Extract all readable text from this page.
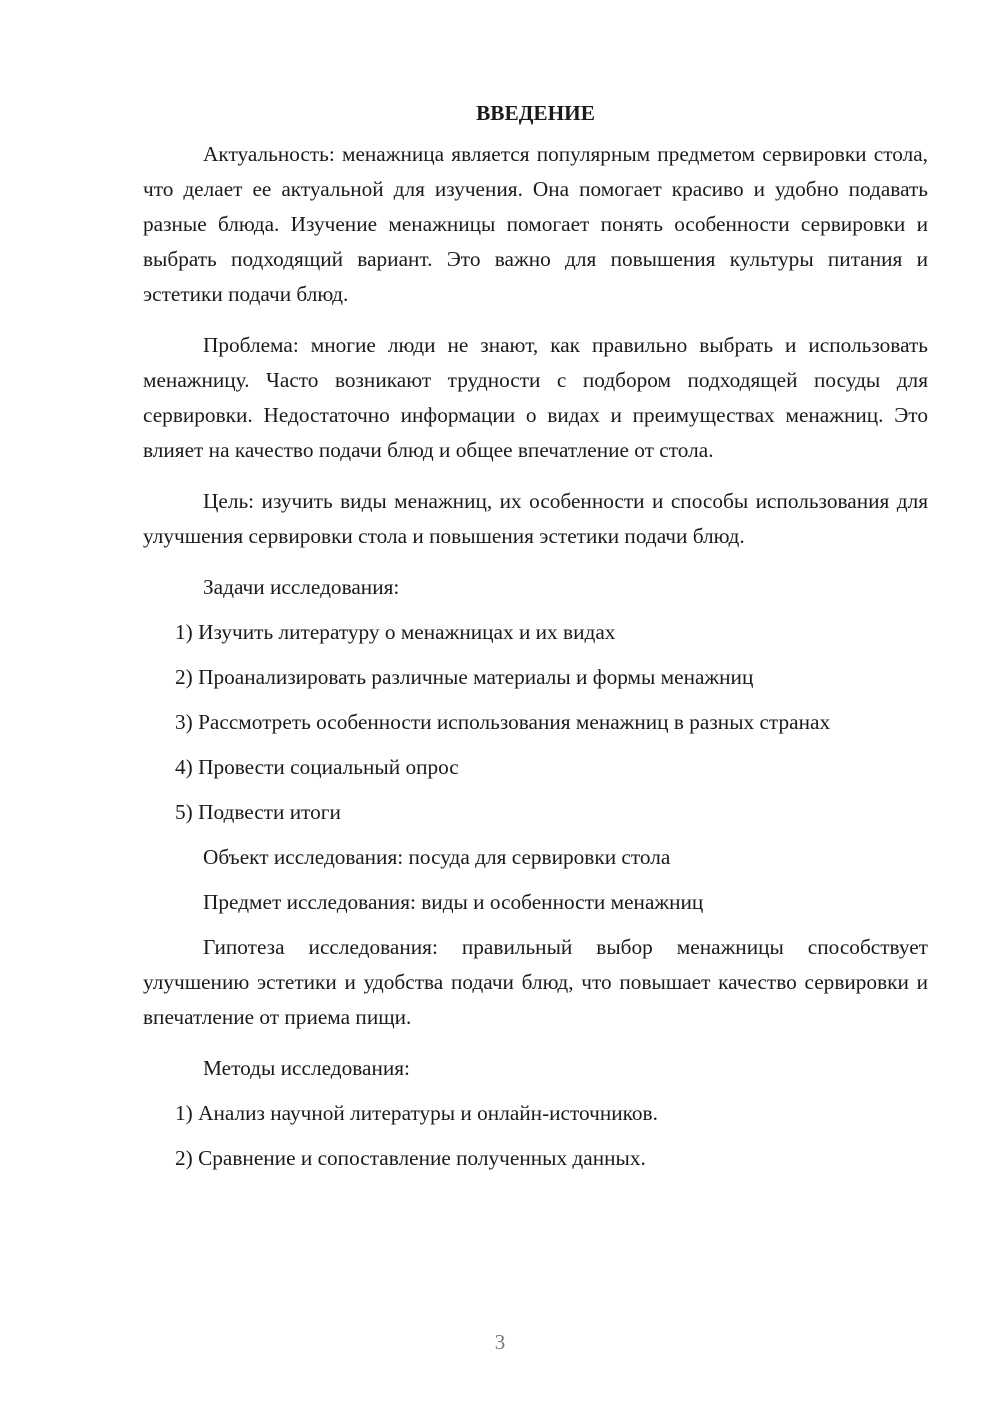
ВВЕДЕНИЕ

Актуальность: менажница является популярным предметом сервировки стола, что делает ее актуальной для изучения. Она помогает красиво и удобно подавать разные блюда. Изучение менажницы помогает понять особенности сервировки и выбрать подходящий вариант. Это важно для повышения культуры питания и эстетики подачи блюд.

Проблема: многие люди не знают, как правильно выбрать и использовать менажницу. Часто возникают трудности с подбором подходящей посуды для сервировки. Недостаточно информации о видах и преимуществах менажниц. Это влияет на качество подачи блюд и общее впечатление от стола.

Цель: изучить виды менажниц, их особенности и способы использования для улучшения сервировки стола и повышения эстетики подачи блюд.

Задачи исследования:

1) Изучить литературу о менажницах и их видах

2) Проанализировать различные материалы и формы менажниц

3) Рассмотреть особенности использования менажниц в разных странах

4) Провести социальный опрос

5) Подвести итоги

Объект исследования: посуда для сервировки стола

Предмет исследования: виды и особенности менажниц

Гипотеза исследования: правильный выбор менажницы способствует улучшению эстетики и удобства подачи блюд, что повышает качество сервировки и впечатление от приема пищи.

Методы исследования:

1) Анализ научной литературы и онлайн-источников.

2) Сравнение и сопоставление полученных данных.

3
